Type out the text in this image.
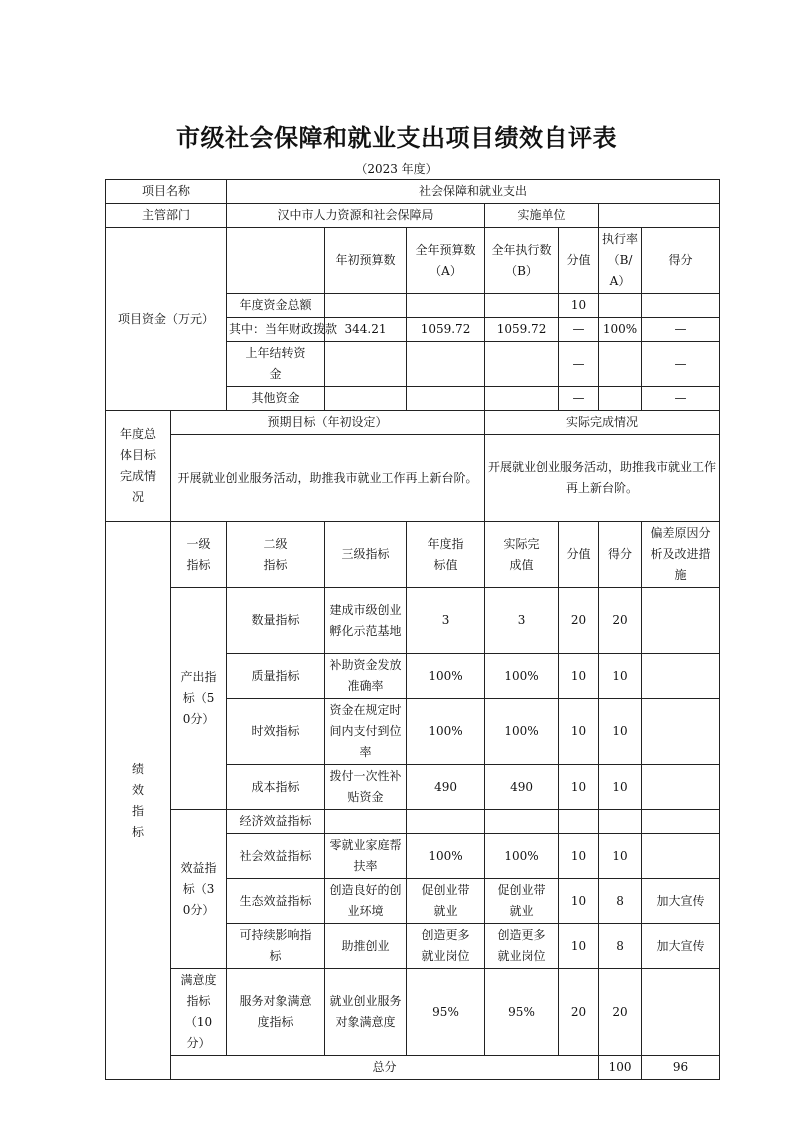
市级社会保障和就业支出项目绩效自评表
（2023 年度）
项目名称		社会保障和就业支出							
主管部门		汉中市人力资源和社会保障局			实施单位				
项目资金（万元）			年初预算数	全年预算数（A）	全年执行数（B）	分值	执行率（B/A）	得分	
		年度资金总额				10			
		其中：当年财政拨款	344.21	1059.72	1059.72	—	100%	—	
		上年结转资金				—		—	
		其他资金				—		—	
年度总体目标完成情况	预期目标（年初设定）				实际完成情况				
	开展就业创业服务活动，助推我市就业工作再上新台阶。				开展就业创业服务活动，助推我市就业工作再上新台阶。				
绩效指标	一级指标	二级指标	三级指标	年度指标值	实际完成值	分值	得分	偏差原因分析及改进措施	
	产出指标（50分）	数量指标	建成市级创业孵化示范基地	3	3	20	20		
		质量指标	补助资金发放准确率	100%	100%	10	10		
		时效指标	资金在规定时间内支付到位率	100%	100%	10	10		
		成本指标	拨付一次性补贴资金	490	490	10	10		
	效益指标（30分）	经济效益指标							
		社会效益指标	零就业家庭帮扶率	100%	100%	10	10		
		生态效益指标	创造良好的创业环境	促创业带就业	促创业带就业	10	8	加大宣传	
		可持续影响指标	助推创业	创造更多就业岗位	创造更多就业岗位	10	8	加大宣传	
	满意度指标（10分）	服务对象满意度指标	就业创业服务对象满意度	95%	95%	20	20		
	总分						100	96	
